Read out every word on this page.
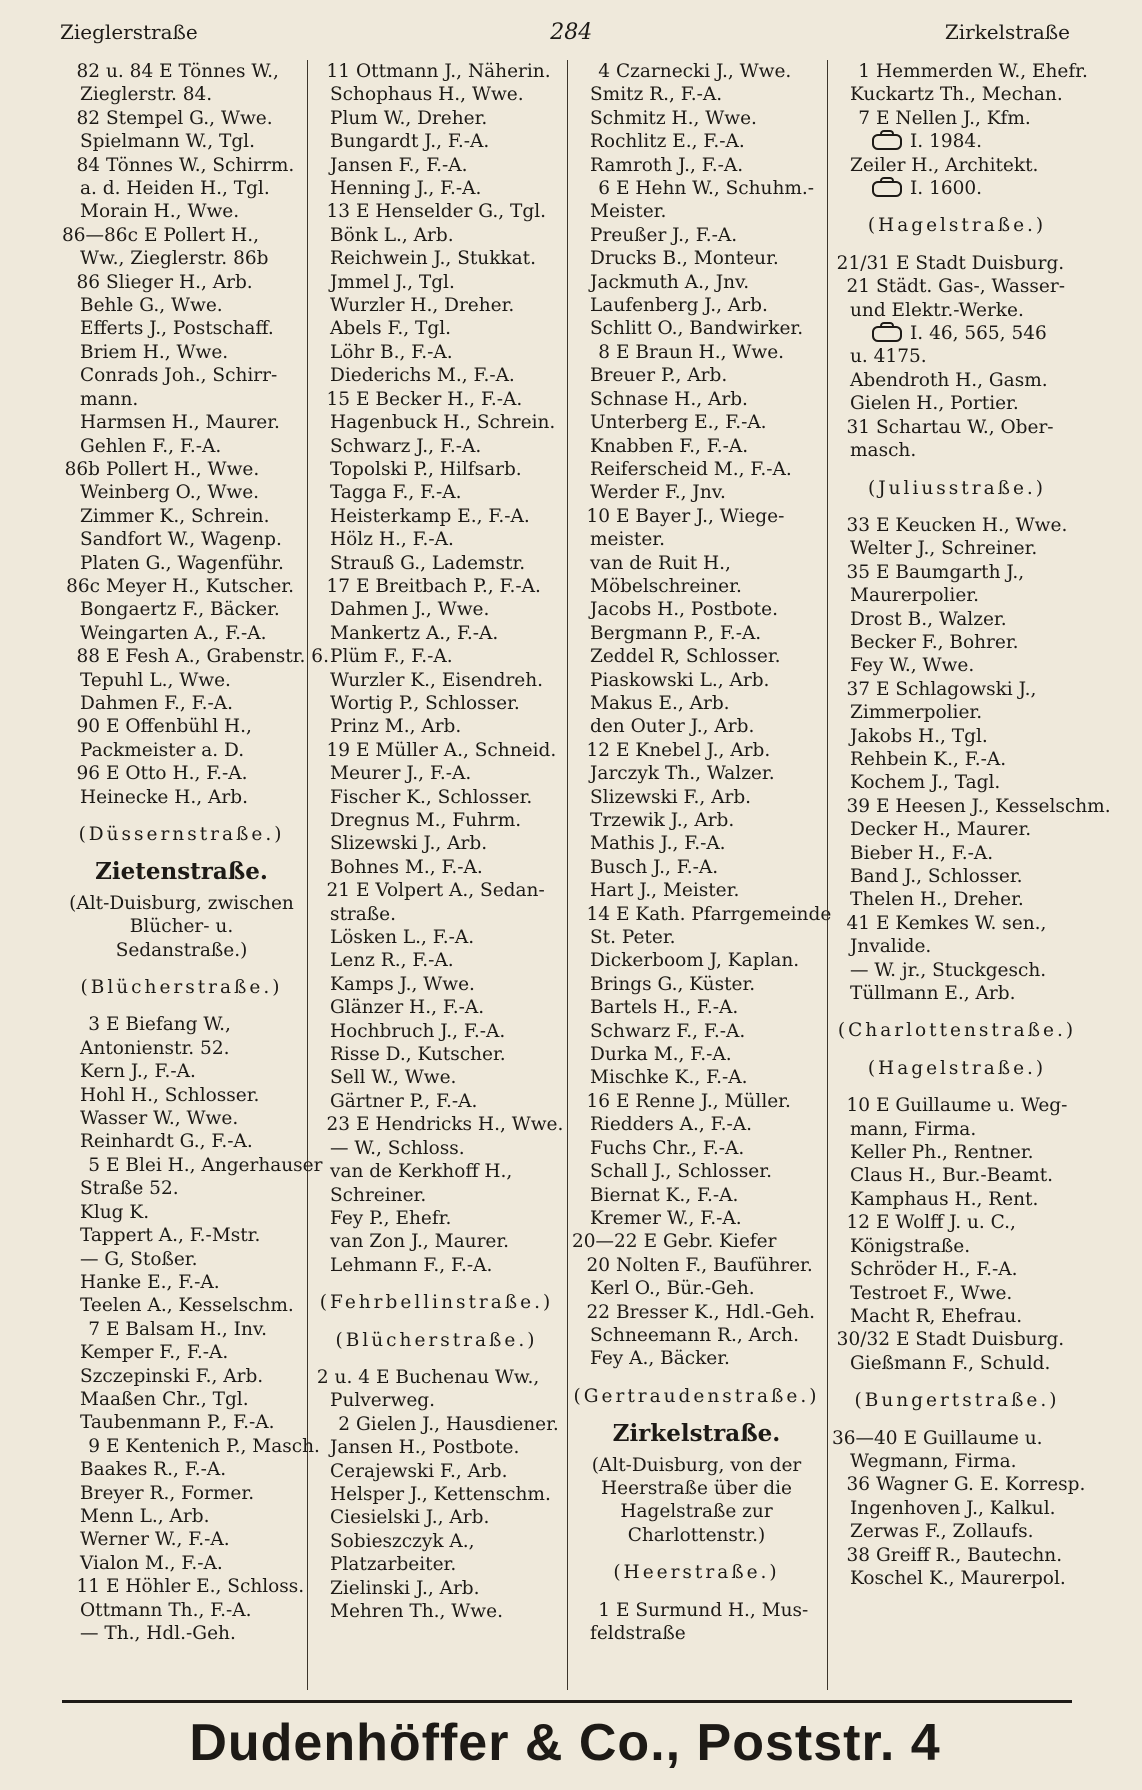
Zieglerstraße	284	Zirkelstraße
82 u. 84 E Tönnes W.,
Zieglerstr. 84.
82 Stempel G., Wwe.
Spielmann W., Tgl.
84 Tönnes W., Schirrm.
a. d. Heiden H., Tgl.
Morain H., Wwe.
86—86c E Pollert H.,
Ww., Zieglerstr. 86b
86 Slieger H., Arb.
Behle G., Wwe.
Efferts J., Postschaff.
Briem H., Wwe.
Conrads Joh., Schirr-
mann.
Harmsen H., Maurer.
Gehlen F., F.-A.
86b Pollert H., Wwe.
Weinberg O., Wwe.
Zimmer K., Schrein.
Sandfort W., Wagenp.
Platen G., Wagenführ.
86c Meyer H., Kutscher.
Bongaertz F., Bäcker.
Weingarten A., F.-A.
88 E Fesh A., Grabenstr. 6.
Tepuhl L., Wwe.
Dahmen F., F.-A.
90 E Offenbühl H.,
Packmeister a. D.
96 E Otto H., F.-A.
Heinecke H., Arb.
(Düssernstraße.)
Zietenstraße.
(Alt-Duisburg, zwischen Blücher- u. Sedanstraße.)
(Blücherstraße.)
3 E Biefang W.,
Antonienstr. 52.
Kern J., F.-A.
Hohl H., Schlosser.
Wasser W., Wwe.
Reinhardt G., F.-A.
5 E Blei H., Angerhauser
Straße 52.
Klug K.
Tappert A., F.-Mstr.
— G, Stoßer.
Hanke E., F.-A.
Teelen A., Kesselschm.
7 E Balsam H., Inv.
Kemper F., F.-A.
Szczepinski F., Arb.
Maaßen Chr., Tgl.
Taubenmann P., F.-A.
9 E Kentenich P., Masch.
Baakes R., F.-A.
Breyer R., Former.
Menn L., Arb.
Werner W., F.-A.
Vialon M., F.-A.
11 E Höhler E., Schloss.
Ottmann Th., F.-A.
— Th., Hdl.-Geh.
11 Ottmann J., Näherin.
Schophaus H., Wwe.
Plum W., Dreher.
Bungardt J., F.-A.
Jansen F., F.-A.
Henning J., F.-A.
13 E Henselder G., Tgl.
Bönk L., Arb.
Reichwein J., Stukkat.
Jmmel J., Tgl.
Wurzler H., Dreher.
Abels F., Tgl.
Löhr B., F.-A.
Diederichs M., F.-A.
15 E Becker H., F.-A.
Hagenbuck H., Schrein.
Schwarz J., F.-A.
Topolski P., Hilfsarb.
Tagga F., F.-A.
Heisterkamp E., F.-A.
Hölz H., F.-A.
Strauß G., Lademstr.
17 E Breitbach P., F.-A.
Dahmen J., Wwe.
Mankertz A., F.-A.
Plüm F., F.-A.
Wurzler K., Eisendreh.
Wortig P., Schlosser.
Prinz M., Arb.
19 E Müller A., Schneid.
Meurer J., F.-A.
Fischer K., Schlosser.
Dregnus M., Fuhrm.
Slizewski J., Arb.
Bohnes M., F.-A.
21 E Volpert A., Sedan-
straße.
Lösken L., F.-A.
Lenz R., F.-A.
Kamps J., Wwe.
Glänzer H., F.-A.
Hochbruch J., F.-A.
Risse D., Kutscher.
Sell W., Wwe.
Gärtner P., F.-A.
23 E Hendricks H., Wwe.
— W., Schloss.
van de Kerkhoff H.,
Schreiner.
Fey P., Ehefr.
van Zon J., Maurer.
Lehmann F., F.-A.
(Fehrbellinstraße.)
(Blücherstraße.)
2 u. 4 E Buchenau Ww.,
Pulverweg.
2 Gielen J., Hausdiener.
Jansen H., Postbote.
Cerajewski F., Arb.
Helsper J., Kettenschm.
Ciesielski J., Arb.
Sobieszczyk A.,
Platzarbeiter.
Zielinski J., Arb.
Mehren Th., Wwe.
4 Czarnecki J., Wwe.
Smitz R., F.-A.
Schmitz H., Wwe.
Rochlitz E., F.-A.
Ramroth J., F.-A.
6 E Hehn W., Schuhm.-
Meister.
Preußer J., F.-A.
Drucks B., Monteur.
Jackmuth A., Jnv.
Laufenberg J., Arb.
Schlitt O., Bandwirker.
8 E Braun H., Wwe.
Breuer P., Arb.
Schnase H., Arb.
Unterberg E., F.-A.
Knabben F., F.-A.
Reiferscheid M., F.-A.
Werder F., Jnv.
10 E Bayer J., Wiege-
meister.
van de Ruit H.,
Möbelschreiner.
Jacobs H., Postbote.
Bergmann P., F.-A.
Zeddel R, Schlosser.
Piaskowski L., Arb.
Makus E., Arb.
den Outer J., Arb.
12 E Knebel J., Arb.
Jarczyk Th., Walzer.
Slizewski F., Arb.
Trzewik J., Arb.
Mathis J., F.-A.
Busch J., F.-A.
Hart J., Meister.
14 E Kath. Pfarrgemeinde
St. Peter.
Dickerboom J, Kaplan.
Brings G., Küster.
Bartels H., F.-A.
Schwarz F., F.-A.
Durka M., F.-A.
Mischke K., F.-A.
16 E Renne J., Müller.
Riedders A., F.-A.
Fuchs Chr., F.-A.
Schall J., Schlosser.
Biernat K., F.-A.
Kremer W., F.-A.
20—22 E Gebr. Kiefer
20 Nolten F., Bauführer.
Kerl O., Bür.-Geh.
22 Bresser K., Hdl.-Geh.
Schneemann R., Arch.
Fey A., Bäcker.
(Gertraudenstraße.)
Zirkelstraße.
(Alt-Duisburg, von der Heerstraße über die Hagelstraße zur Charlottenstr.)
(Heerstraße.)
1 E Surmund H., Mus-
feldstraße
1 Hemmerden W., Ehefr.
Kuckartz Th., Mechan.
7 E Nellen J., Kfm.
I. 1984.
Zeiler H., Architekt.
I. 1600.
(Hagelstraße.)
21/31 E Stadt Duisburg.
21 Städt. Gas-, Wasser-
und Elektr.-Werke.
I. 46, 565, 546
u. 4175.
Abendroth H., Gasm.
Gielen H., Portier.
31 Schartau W., Ober-
masch.
(Juliusstraße.)
33 E Keucken H., Wwe.
Welter J., Schreiner.
35 E Baumgarth J.,
Maurerpolier.
Drost B., Walzer.
Becker F., Bohrer.
Fey W., Wwe.
37 E Schlagowski J.,
Zimmerpolier.
Jakobs H., Tgl.
Rehbein K., F.-A.
Kochem J., Tagl.
39 E Heesen J., Kesselschm.
Decker H., Maurer.
Bieber H., F.-A.
Band J., Schlosser.
Thelen H., Dreher.
41 E Kemkes W. sen.,
Jnvalide.
— W. jr., Stuckgesch.
Tüllmann E., Arb.
(Charlottenstraße.)
(Hagelstraße.)
10 E Guillaume u. Weg-
mann, Firma.
Keller Ph., Rentner.
Claus H., Bur.-Beamt.
Kamphaus H., Rent.
12 E Wolff J. u. C.,
Königstraße.
Schröder H., F.-A.
Testroet F., Wwe.
Macht R, Ehefrau.
30/32 E Stadt Duisburg.
Gießmann F., Schuld.
(Bungertstraße.)
36—40 E Guillaume u.
Wegmann, Firma.
36 Wagner G. E. Korresp.
Ingenhoven J., Kalkul.
Zerwas F., Zollaufs.
38 Greiff R., Bautechn.
Koschel K., Maurerpol.
Dudenhöffer & Co., Poststr. 4
